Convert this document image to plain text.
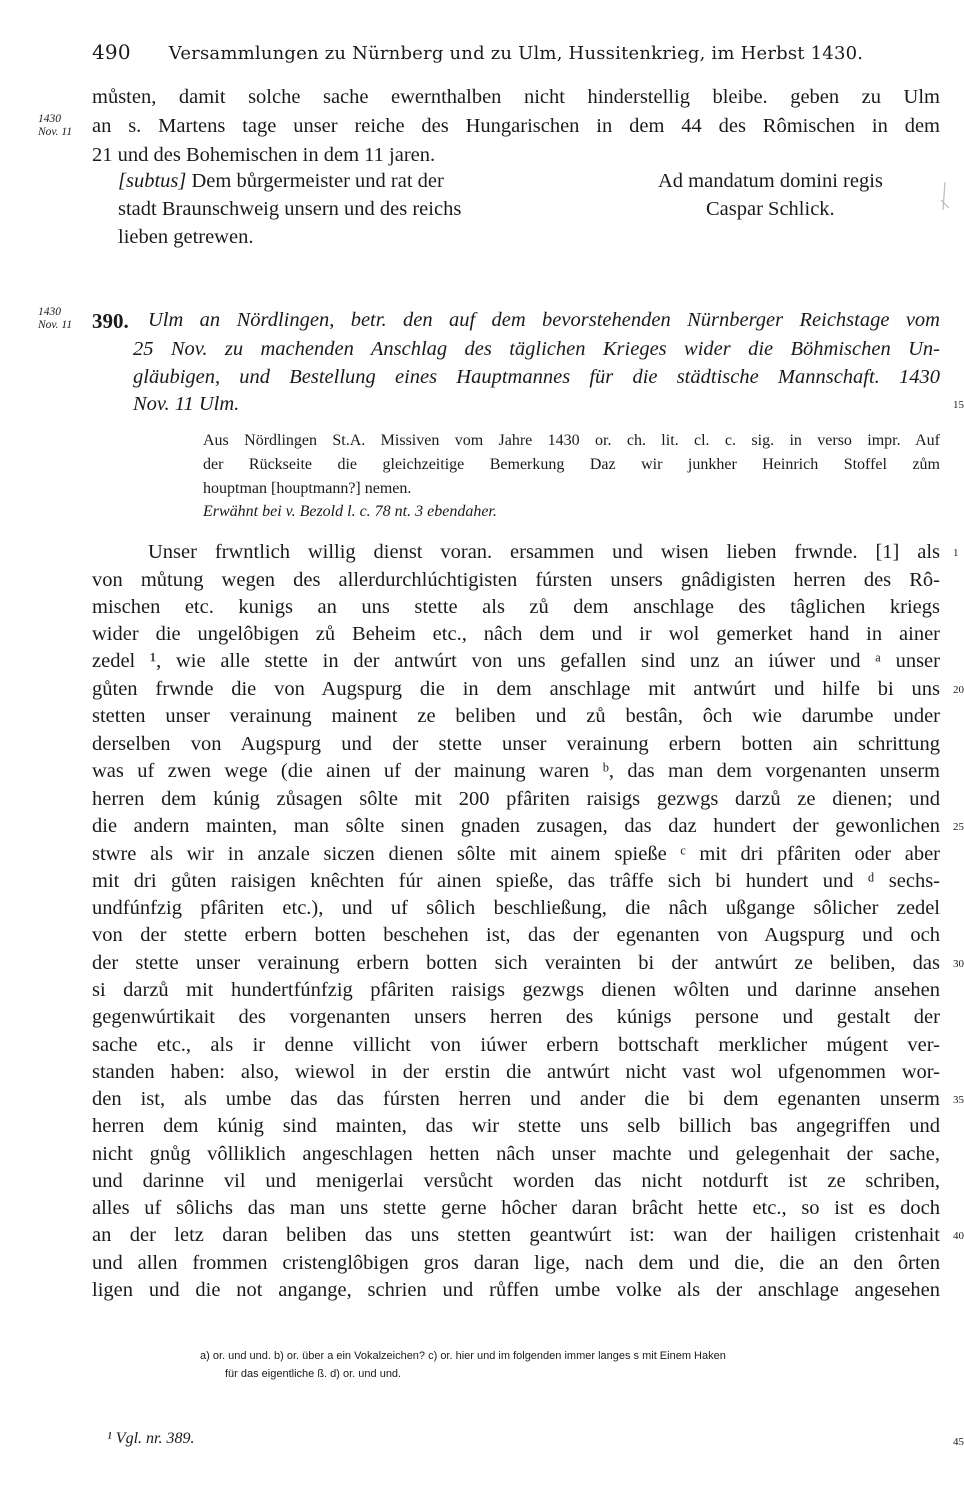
490 Versammlungen zu Nürnberg und zu Ulm, Hussitenkrieg, im Herbst 1430.
můsten, damit solche sache ewernthalben nicht hinderstellig bleibe. geben zu Ulm
an s. Martens tage unser reiche des Hungarischen in dem 44 des Rômischen in dem
21 und des Bohemischen in dem 11 jaren.
1430
Nov. 11
[subtus] Dem bůrgermeister und rat der
stadt Braunschweig unsern und des reichs
lieben getrewen.
Ad mandatum domini regis
Caspar Schlick.
1430
Nov. 11 390. Ulm an Nördlingen, betr. den auf dem bevorstehenden Nürnberger Reichstage vom
25 Nov. zu machenden Anschlag des täglichen Krieges wider die Böhmischen Un-
gläubigen, und Bestellung eines Hauptmannes für die städtische Mannschaft. 1430
Nov. 11 Ulm.
Aus Nördlingen St.A. Missiven vom Jahre 1430 or. ch. lit. cl. c. sig. in verso impr. Auf
der Rückseite die gleichzeitige Bemerkung Daz wir junkher Heinrich Stoffel zům
houptman [houptmann?] nemen.
Erwähnt bei v. Bezold l. c. 78 nt. 3 ebendaher.
Unser frwntlich willig dienst voran. ersammen und wisen lieben frwnde. [1] als
von můtung wegen des allerdurchlúchtigisten fúrsten unsers gnâdigisten herren des Rô-
mischen etc. kunigs an uns stette als zů dem anschlage des tâglichen kriegs
wider die ungelôbigen zů Beheim etc., nâch dem und ir wol gemerket hand in ainer
zedel ¹, wie alle stette in der antwúrt von uns gefallen sind unz an iúwer und ᵃ unser
gůten frwnde die von Augspurg die in dem anschlage mit antwúrt und hilfe bi uns
stetten unser verainung mainent ze beliben und zů bestân, ôch wie darumbe under
derselben von Augspurg und der stette unser verainung erbern botten ain schrittung
was uf zwen wege (die ainen uf der mainung waren ᵇ, das man dem vorgenanten unserm
herren dem kúnig zůsagen sôlte mit 200 pfâriten raisigs gezwgs darzů ze dienen; und
die andern mainten, man sôlte sinen gnaden zusagen, das daz hundert der gewonlichen
stwre als wir in anzale siczen dienen sôlte mit ainem spieße ᶜ mit dri pfâriten oder aber
mit dri gůten raisigen knêchten fúr ainen spieße, das trâffe sich bi hundert und ᵈ sechs-
undfúnfzig pfâriten etc.), und uf sôlich beschließung, die nâch ußgange sôlicher zedel
von der stette erbern botten beschehen ist, das der egenanten von Augspurg und och
der stette unser verainung erbern botten sich verainten bi der antwúrt ze beliben, das
si darzů mit hundertfúnfzig pfâriten raisigs gezwgs dienen wôlten und darinne ansehen
gegenwúrtikait des vorgenanten unsers herren des kúnigs persone und gestalt der
sache etc., als ir denne villicht von iúwer erbern bottschaft merklicher múgent ver-
standen haben: also, wiewol in der erstin die antwúrt nicht vast wol ufgenommen wor-
den ist, als umbe das das fúrsten herren und ander die bi dem egenanten unserm
herren dem kúnig sind mainten, das wir stette uns selb billich bas angegriffen und
nicht gnůg vôlliklich angeschlagen hetten nâch unser machte und gelegenhait der sache,
und darinne vil und menigerlai versůcht worden das nicht notdurft ist ze schriben,
alles uf sôlichs das man uns stette gerne hôcher daran brâcht hette etc., so ist es doch
an der letz daran beliben das uns stetten geantwúrt ist: wan der hailigen cristenhait
und allen frommen cristenglôbigen gros daran lige, nach dem und die, die an den ôrten
ligen und die not angange, schrien und růffen umbe volke als der anschlage angesehen
15
1
20
25
30
35
40
45
a) or. und und. b) or. über a ein Vokalzeichen? c) or. hier und im folgenden immer langes s mit Einem Haken
für das eigentliche ß. d) or. und und.
¹ Vgl. nr. 389.
